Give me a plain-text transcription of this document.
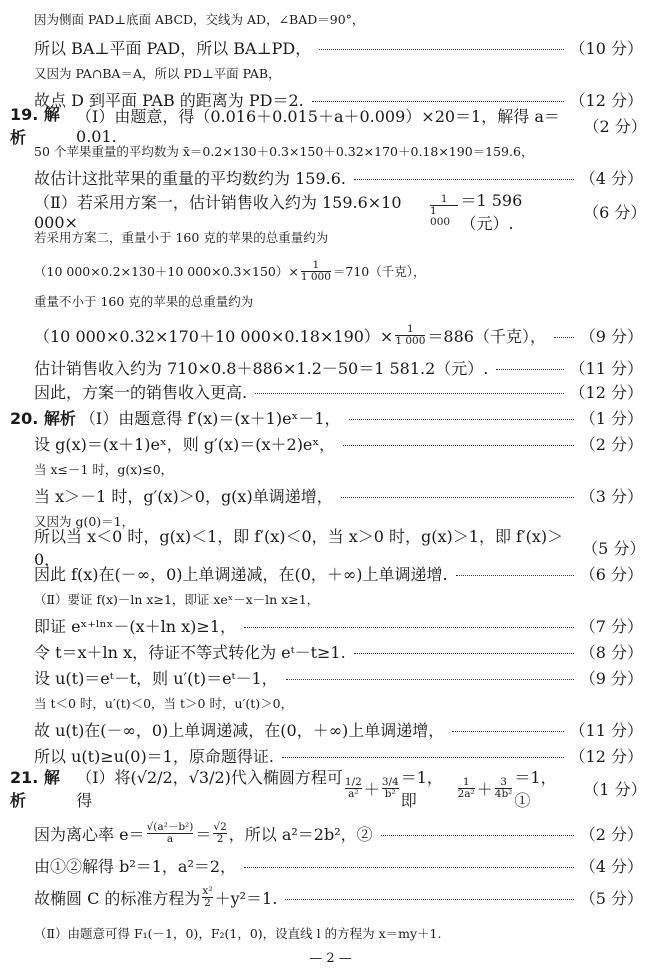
因为侧面 PAD⊥底面 ABCD，交线为 AD，∠BAD＝90°，
所以 BA⊥平面 PAD，所以 BA⊥PD，	（10 分）
又因为 PA∩BA＝A，所以 PD⊥平面 PAB，
故点 D 到平面 PAB 的距离为 PD＝2.	（12 分）
19. 解析
（Ⅰ）由题意，得（0.016＋0.015＋a＋0.009）×20＝1，解得 a＝0.01.
（2 分）
50 个苹果重量的平均数为 x̄＝0.2×130＋0.3×150＋0.32×170＋0.18×190＝159.6，
故估计这批苹果的重量的平均数约为 159.6.	（4 分）
（Ⅱ）若采用方案一，估计销售收入约为 159.6×10 000×	$\frac{1}{1 000} =1$ 596（元）.
（6 分）
若采用方案二，重量小于 160 克的苹果的总重量约为
（10 000×0.2×130＋10 $000\times 0.3\times 150)\times \frac{1}{1 000} =710$（千克），
重量不小于 160 克的苹果的总重量约为
（10 000×0.32×170＋10 $000\times 0.18\times 190)\times \frac{1}{1 000} =886$（千克）， （9 分）
估计销售收入约为 710×0.8＋886×1.2－50＝1 581.2（元）.	（11 分）
因此，方案一的销售收入更高.	（12 分）
20. 解析 （Ⅰ）由题意得 f′(x)＝(x＋1)eˣ－1，	（1 分）
设 g(x)＝(x＋1)eˣ，则 g′(x)＝(x＋2)eˣ，	（2 分）
当 x≤－1 时，g(x)≤0，
当 x＞－1 时，g′(x)＞0，g(x)单调递增，	（3 分）
又因为 g(0)＝1，
所以当 x＜0 时，g(x)＜1，即 f′(x)＜0，当 x＞0 时，g(x)＞1，即 f′(x)＞0，
（5 分）
因此 f(x)在(－∞，0)上单调递减，在(0，＋∞)上单调递增.	（6 分）
（Ⅱ）要证 f(x)－ln x≥1，即证 xeˣ－x－ln x≥1，
即证 eˣ⁺ˡⁿˣ－(x＋ln x)≥1，	（7 分）
令 t＝x＋ln x，待证不等式转化为 eᵗ－t≥1.	（8 分）
设 u(t)＝eᵗ－t，则 u′(t)＝eᵗ－1，	（9 分）
当 t＜0 时，u′(t)＜0，当 t＞0 时，u′(t)＞0，
故 u(t)在(－∞，0)上单调递减，在(0，＋∞)上单调递增，	（11 分）
所以 u(t)≥u(0)＝1，原命题得证.	（12 分）
21. 解析
（Ⅰ）将(√2/2，√3/2)代入椭圆方程可得
$\frac{1/2}{\text{a²}} + \frac{3/4}{\text{b²}} =1$，即
$\frac{1}{\text{2a²}} + \frac{3}{\text{4b²}} =1$，①
（1 分）
因为离心率 $e= \frac{\text{√(a²－b²)}}{a} = \frac{√2}{2}$ ，所以 a²＝2b²，②	（2 分）
由①②解得 b²＝1，a²＝2，	（4 分）
故椭圆 C 的标准方程为 $\frac{\text{x²}}{2} +y^2=1$.	（5 分）
（Ⅱ）由题意可得 F₁(－1，0)，F₂(1，0)，设直线 l 的方程为 x＝my＋1.
— 2 —
